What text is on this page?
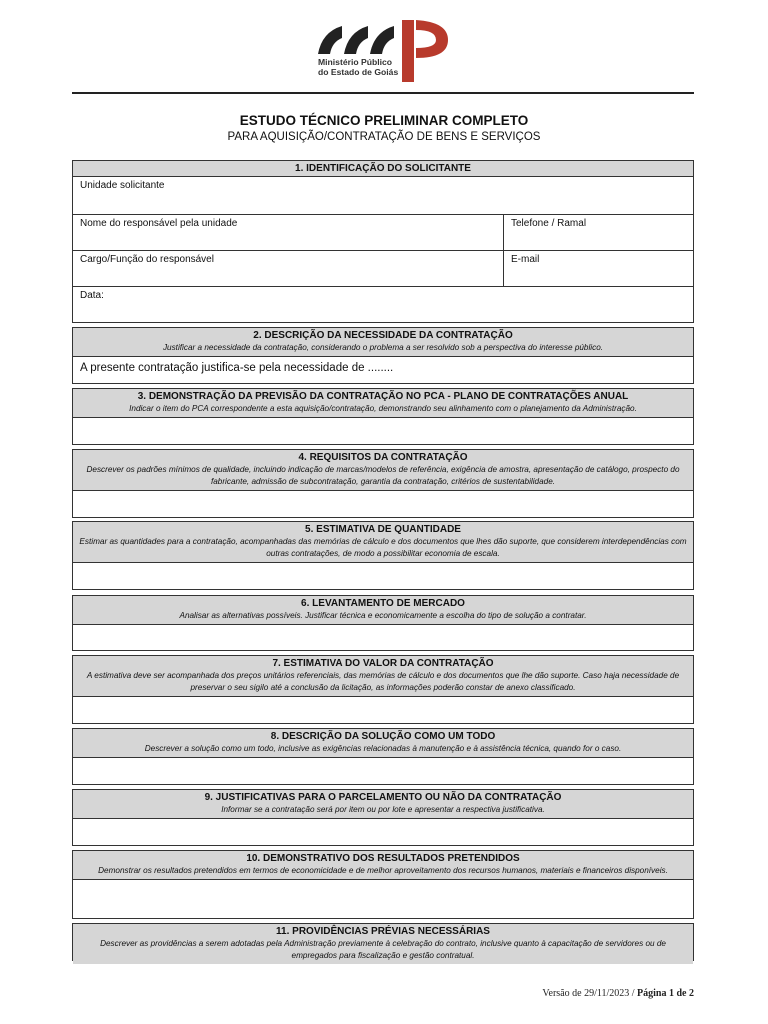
Ministério Público
do Estado de Goiás
ESTUDO TÉCNICO PRELIMINAR COMPLETO
PARA AQUISIÇÃO/CONTRATAÇÃO DE BENS E SERVIÇOS
1. IDENTIFICAÇÃO DO SOLICITANTE
Unidade solicitante
Nome do responsável pela unidade	Telefone / Ramal
Cargo/Função do responsável	E-mail
Data:
2. DESCRIÇÃO DA NECESSIDADE DA CONTRATAÇÃO
Justificar a necessidade da contratação, considerando o problema a ser resolvido sob a perspectiva do interesse público.
A presente contratação justifica-se pela necessidade de ........
3. DEMONSTRAÇÃO DA PREVISÃO DA CONTRATAÇÃO NO PCA - PLANO DE CONTRATAÇÕES ANUAL
Indicar o item do PCA correspondente a esta aquisição/contratação, demonstrando seu alinhamento com o planejamento da Administração.
4. REQUISITOS DA CONTRATAÇÃO
Descrever os padrões mínimos de qualidade, incluindo indicação de marcas/modelos de referência, exigência de amostra, apresentação de catálogo, prospecto do fabricante, admissão de subcontratação, garantia da contratação, critérios de sustentabilidade.
5. ESTIMATIVA DE QUANTIDADE
Estimar as quantidades para a contratação, acompanhadas das memórias de cálculo e dos documentos que lhes dão suporte, que considerem interdependências com outras contratações, de modo a possibilitar economia de escala.
6. LEVANTAMENTO DE MERCADO
Analisar as alternativas possíveis. Justificar técnica e economicamente a escolha do tipo de solução a contratar.
7. ESTIMATIVA DO VALOR DA CONTRATAÇÃO
A estimativa deve ser acompanhada dos preços unitários referenciais, das memórias de cálculo e dos documentos que lhe dão suporte. Caso haja necessidade de preservar o seu sigilo até a conclusão da licitação, as informações poderão constar de anexo classificado.
8. DESCRIÇÃO DA SOLUÇÃO COMO UM TODO
Descrever a solução como um todo, inclusive as exigências relacionadas à manutenção e à assistência técnica, quando for o caso.
9. JUSTIFICATIVAS PARA O PARCELAMENTO OU NÃO DA CONTRATAÇÃO
Informar se a contratação será por item ou por lote e apresentar a respectiva justificativa.
10. DEMONSTRATIVO DOS RESULTADOS PRETENDIDOS
Demonstrar os resultados pretendidos em termos de economicidade e de melhor aproveitamento dos recursos humanos, materiais e financeiros disponíveis.
11. PROVIDÊNCIAS PRÉVIAS NECESSÁRIAS
Descrever as providências a serem adotadas pela Administração previamente à celebração do contrato, inclusive quanto à capacitação de servidores ou de empregados para fiscalização e gestão contratual.
Versão de 29/11/2023 / Página 1 de 2
